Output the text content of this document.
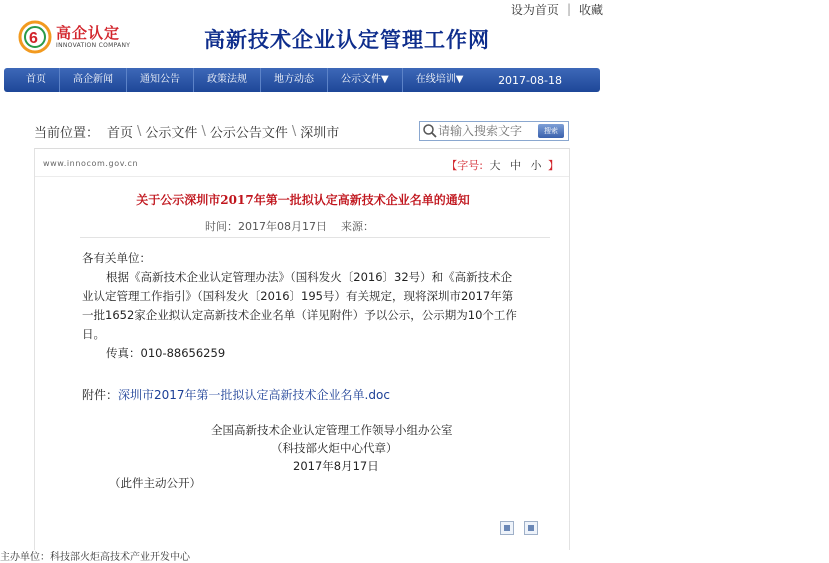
设为首页 | 收藏
6 高企认定
INNOVATION COMPANY	高新技术企业认定管理工作网
首页	高企新闻	通知公告	政策法规	地方动态	公示文件▼	在线培训▼	2017-08-18
当前位置： 首页 \ 公示文件 \ 公示公告文件 \ 深圳市
请输入搜索文字	搜索
www.innocom.gov.cn	【字号: 大 中 小 】
关于公示深圳市2017年第一批拟认定高新技术企业名单的通知
时间：2017年08月17日 来源：

各有关单位：

根据《高新技术企业认定管理办法》（国科发火〔2016〕32号）和《高新技术企业认定管理工作指引》（国科发火〔2016〕195号）有关规定，现将深圳市2017年第一批1652家企业拟认定高新技术企业名单（详见附件）予以公示，公示期为10个工作日。

传真：010-88656259

附件：深圳市2017年第一批拟认定高新技术企业名单.doc
全国高新技术企业认定管理工作领导小组办公室
（科技部火炬中心代章）
2017年8月17日
（此件主动公开）
主办单位：科技部火炬高技术产业开发中心
